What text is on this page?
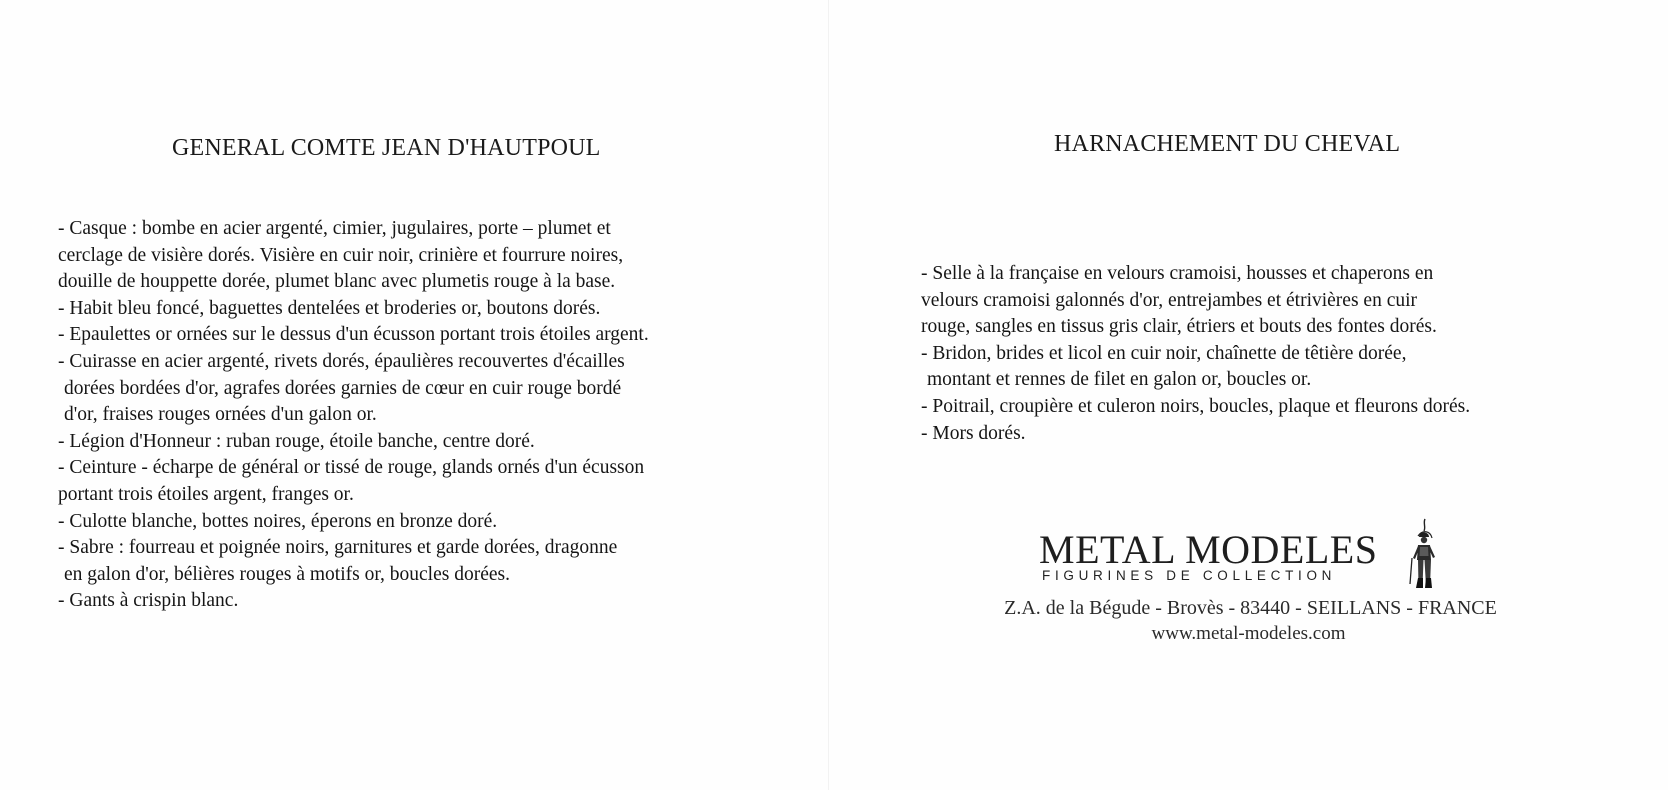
GENERAL COMTE JEAN D'HAUTPOUL
- Casque : bombe en acier argenté, cimier, jugulaires, porte – plumet et
cerclage de visière dorés. Visière en cuir noir, crinière et fourrure noires,
douille de houppette dorée, plumet blanc avec plumetis rouge à la base.
- Habit bleu foncé, baguettes dentelées et broderies or, boutons dorés.
- Epaulettes or ornées sur le dessus d'un écusson portant trois étoiles argent.
- Cuirasse en acier argenté, rivets dorés, épaulières recouvertes d'écailles
dorées bordées d'or, agrafes dorées garnies de cœur en cuir rouge bordé
d'or, fraises rouges ornées d'un galon or.
- Légion d'Honneur : ruban rouge, étoile banche, centre doré.
- Ceinture - écharpe de général or tissé de rouge, glands ornés d'un écusson
portant trois étoiles argent, franges or.
- Culotte blanche, bottes noires, éperons en bronze doré.
- Sabre : fourreau et poignée noirs, garnitures et garde dorées, dragonne
en galon d'or, bélières rouges à motifs or, boucles dorées.
- Gants à crispin blanc.
HARNACHEMENT DU CHEVAL
- Selle à la française en velours cramoisi, housses et chaperons en
velours cramoisi galonnés d'or, entrejambes et étrivières en cuir
rouge, sangles en tissus gris clair, étriers et bouts des fontes dorés.
- Bridon, brides et licol en cuir noir, chaînette de têtière dorée,
montant et rennes de filet en galon or, boucles or.
- Poitrail, croupière et culeron noirs, boucles, plaque et fleurons dorés.
- Mors dorés.
METAL MODELES
FIGURINES DE COLLECTION

Z.A. de la Bégude - Brovès - 83440 - SEILLANS - FRANCE

www.metal-modeles.com
